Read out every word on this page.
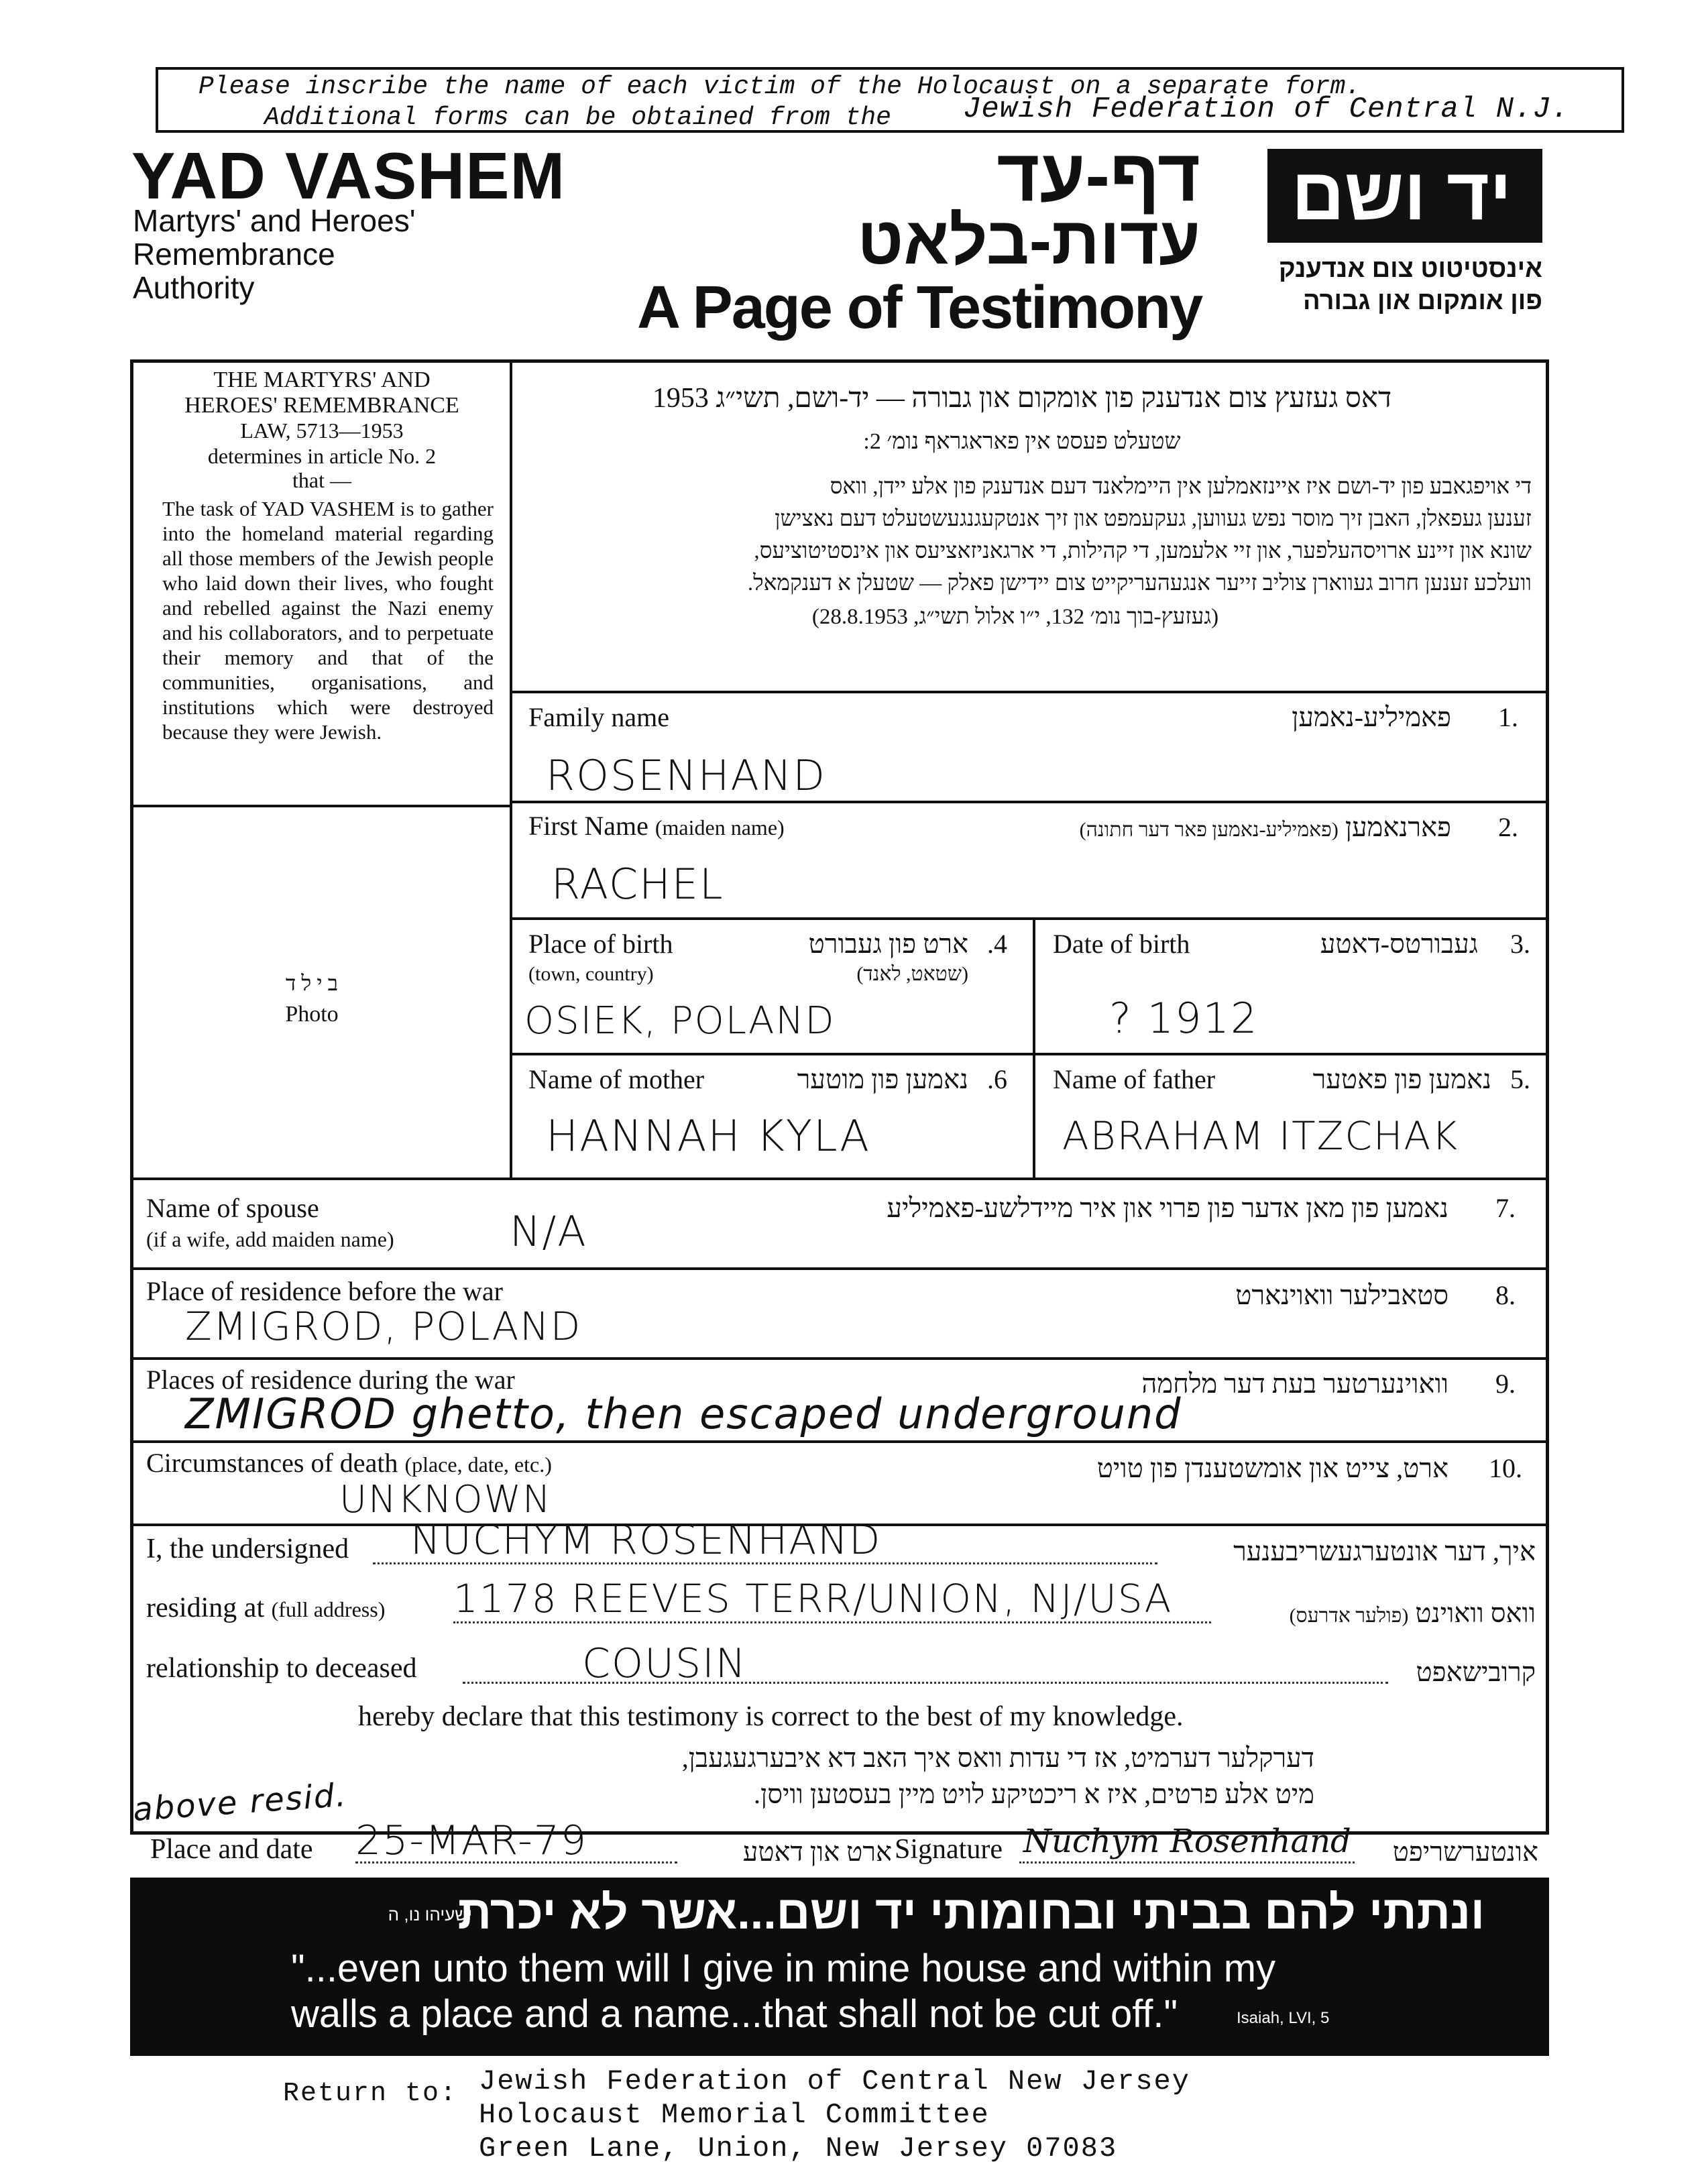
Please inscribe the name of each victim of the Holocaust on a separate form.
Additional forms can be obtained from the Jewish Federation of Central N.J.
YAD VASHEM
Martyrs' and Heroes'
Remembrance
Authority
דף-עד
עדות-בלאט
A Page of Testimony
יד ושם
אינסטיטוט צום אנדענק
פון אומקום און גבורה
THE MARTYRS' AND
HEROES' REMEMBRANCE
LAW, 5713—1953
determines in article No. 2
that —
The task of YAD VASHEM is to gather into the homeland material regarding all those members of the Jewish people who laid down their lives, who fought and rebelled against the Nazi enemy and his collaborators, and to perpetuate their memory and that of the communities, organisations, and institutions which were destroyed because they were Jewish.
ב י ל ד
Photo
דאס געזעץ צום אנדענק פון אומקום און גבורה — יד-ושם, תשי״ג 1953
שטעלט פעסט אין פאראגראף נומ׳ 2:
די אויפגאבע פון יד-ושם איז איינזאמלען אין היימלאנד דעם אנדענק פון אלע יידן, וואס
זענען געפאלן, האבן זיך מוסר נפש געווען, געקעמפט און זיך אנטקעגנגעשטעלט דעם נאצישן
שונא און זיינע ארויסהעלפער, און זיי אלעמען, די קהילות, די ארגאניזאציעס און אינסטיטוציעס,
וועלכע זענען חרוב געווארן צוליב זייער אנגעהעריקייט צום יידישן פאלק — שטעלן א דענקמאל.
(געזעץ-בוך נומ׳ 132, י״ו אלול תשי״ג, 28.8.1953)
Family name	פאמיליע-נאמען 1.
ROSENHAND
First Name (maiden name)	פארנאמען (פאמיליע-נאמען פאר דער חתונה)	2.
RACHEL
Place of birth
(town, country)
ארט פון געבורט
(שטאט, לאנד)
.4
OSIEK, POLAND
Date of birth	געבורטס-דאטע 3.
? 1912
Name of mother	נאמען פון מוטער .6
HANNAH KYLA
Name of father	נאמען פון פאטער 5.
ABRAHAM ITZCHAK
Name of spouse
(if a wife, add maiden name)
נאמען פון מאן אדער פון פרוי און איר מיידלשע-פאמיליע 7.
N/A
Place of residence before the war	סטאבילער וואוינארט 8.
ZMIGROD, POLAND
Places of residence during the war	וואוינערטער בעת דער מלחמה 9.
ZMIGROD ghetto, then escaped underground
Circumstances of death (place, date, etc.)	ארט, צייט און אומשטענדן פון טויט 10.
UNKNOWN
I, the undersigned NUCHYM ROSENHAND	איך, דער אונטערגעשריבענער
residing at (full address) 1178 REEVES TERR/UNION, NJ/USA	וואס וואוינט (פולער אדרעס)
relationship to deceased	COUSIN	קרובישאפט
hereby declare that this testimony is correct to the best of my knowledge.
דערקלער דערמיט, אז די עדות וואס איך האב דא איבערגעגעבן,
מיט אלע פרטים, איז א ריכטיקע לויט מיין בעסטען וויסן.
above resid.
Place and date 25-MAR-79	ארט און דאטע Signature Nuchym Rosenhand	אונטערשריפט
ונתתי להם בביתי ובחומותי יד ושם...אשר לא יכרת
ישעיהו נו, ה
"...even unto them will I give in mine house and within my
walls a place and a name...that shall not be cut off."	Isaiah, LVI, 5
Return to: Jewish Federation of Central New Jersey
Holocaust Memorial Committee
Green Lane, Union, New Jersey 07083
